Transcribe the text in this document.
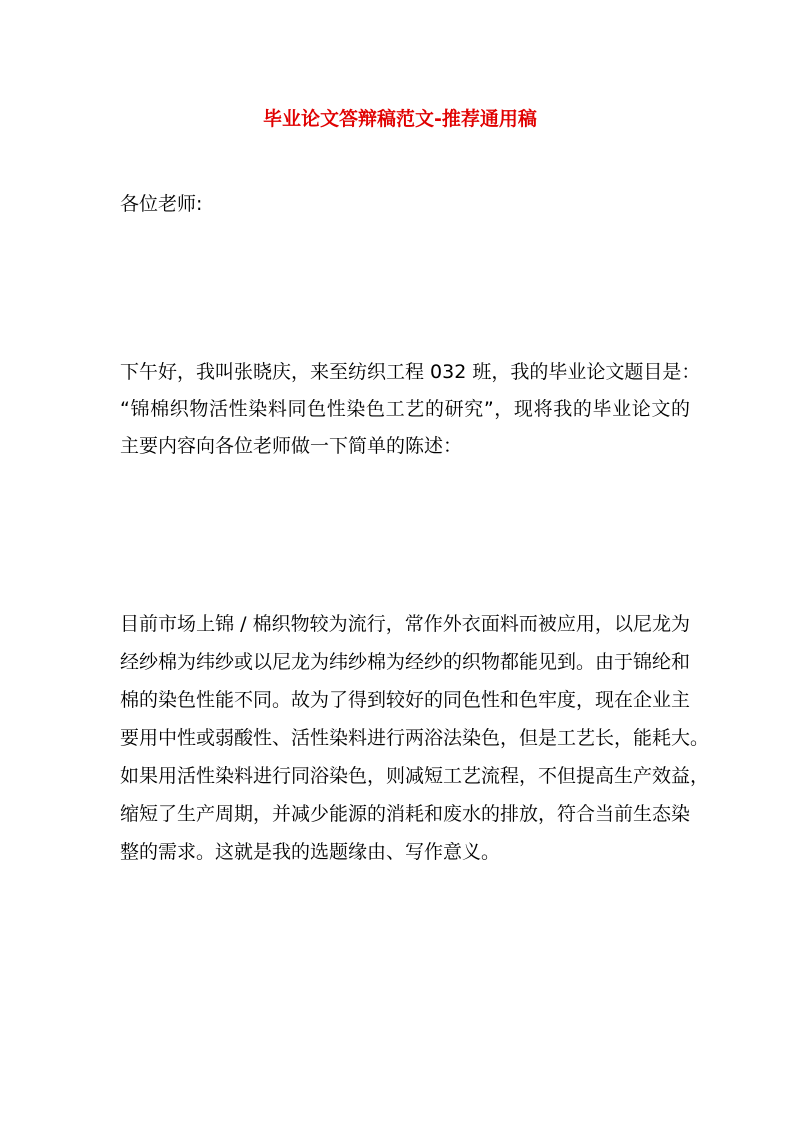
毕业论文答辩稿范文-推荐通用稿
各位老师:
下午好，我叫张晓庆，来至纺织工程 032 班，我的毕业论文题目是：
“锦棉织物活性染料同色性染色工艺的研究”，现将我的毕业论文的
主要内容向各位老师做一下简单的陈述：
目前市场上锦 / 棉织物较为流行，常作外衣面料而被应用，以尼龙为
经纱棉为纬纱或以尼龙为纬纱棉为经纱的织物都能见到。由于锦纶和
棉的染色性能不同。故为了得到较好的同色性和色牢度，现在企业主
要用中性或弱酸性、活性染料进行两浴法染色，但是工艺长，能耗大。
如果用活性染料进行同浴染色，则减短工艺流程，不但提高生产效益，
缩短了生产周期，并减少能源的消耗和废水的排放，符合当前生态染
整的需求。这就是我的选题缘由、写作意义。
